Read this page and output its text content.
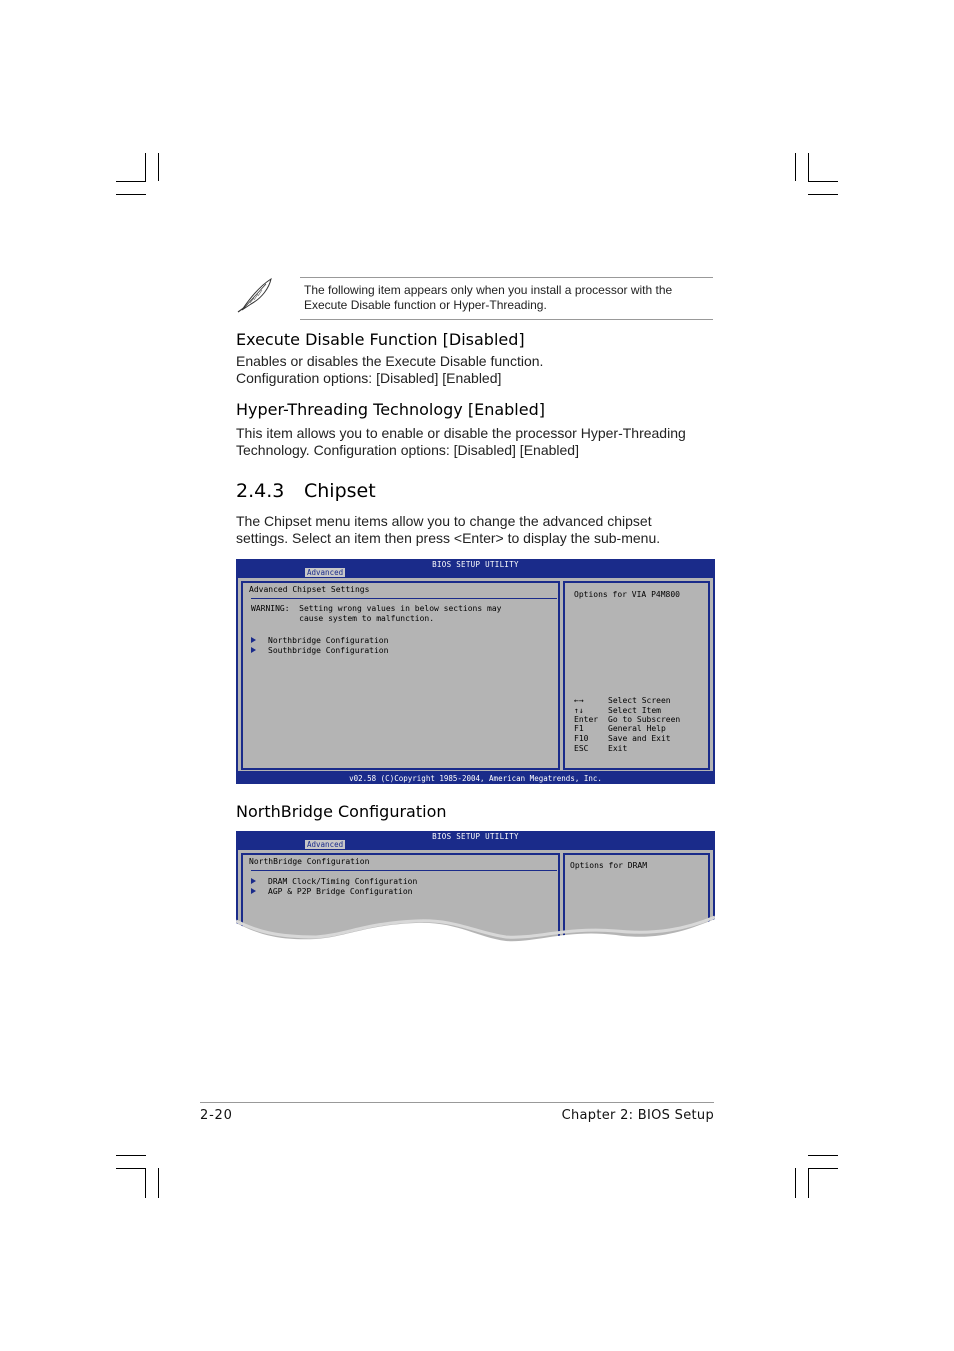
The following item appears only when you install a processor with the
Execute Disable function or Hyper-Threading.
Execute Disable Function [Disabled]
Enables or disables the Execute Disable function.
Configuration options: [Disabled] [Enabled]
Hyper-Threading Technology [Enabled]
This item allows you to enable or disable the processor Hyper-Threading
Technology. Configuration options: [Disabled] [Enabled]
2.4.3 Chipset
The Chipset menu items allow you to change the advanced chipset
settings. Select an item then press <Enter> to display the sub-menu.
BIOS SETUP UTILITY
Advanced
Advanced Chipset Settings
WARNING:  Setting wrong values in below sections may
cause system to malfunction.
Northbridge Configuration
Southbridge Configuration
Options for VIA P4M800
←→	Select Screen
↑↓	Select Item
Enter Go to Subscreen
F1	General Help
F10 Save and Exit
ESC Exit
v02.58 (C)Copyright 1985-2004, American Megatrends, Inc.
NorthBridge Configuration
BIOS SETUP UTILITY
Advanced
NorthBridge Configuration
DRAM Clock/Timing Configuration
AGP & P2P Bridge Configuration
Options for DRAM
2-20	Chapter 2: BIOS Setup
